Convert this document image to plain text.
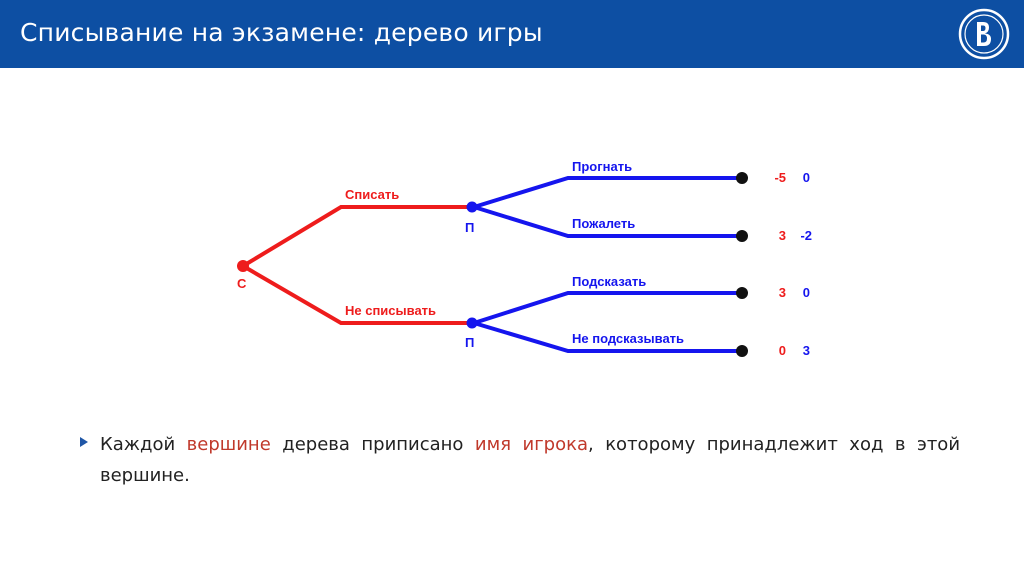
Списывание на экзамене: дерево игры
С
П
П
Списать
Не списывать
Прогнать
Пожалеть
Подсказать
Не подсказывать
-5 0
3 -2
3 0
0 3
Каждой вершине дерева приписано имя игрока, которому принадлежит ход в этой вершине.
